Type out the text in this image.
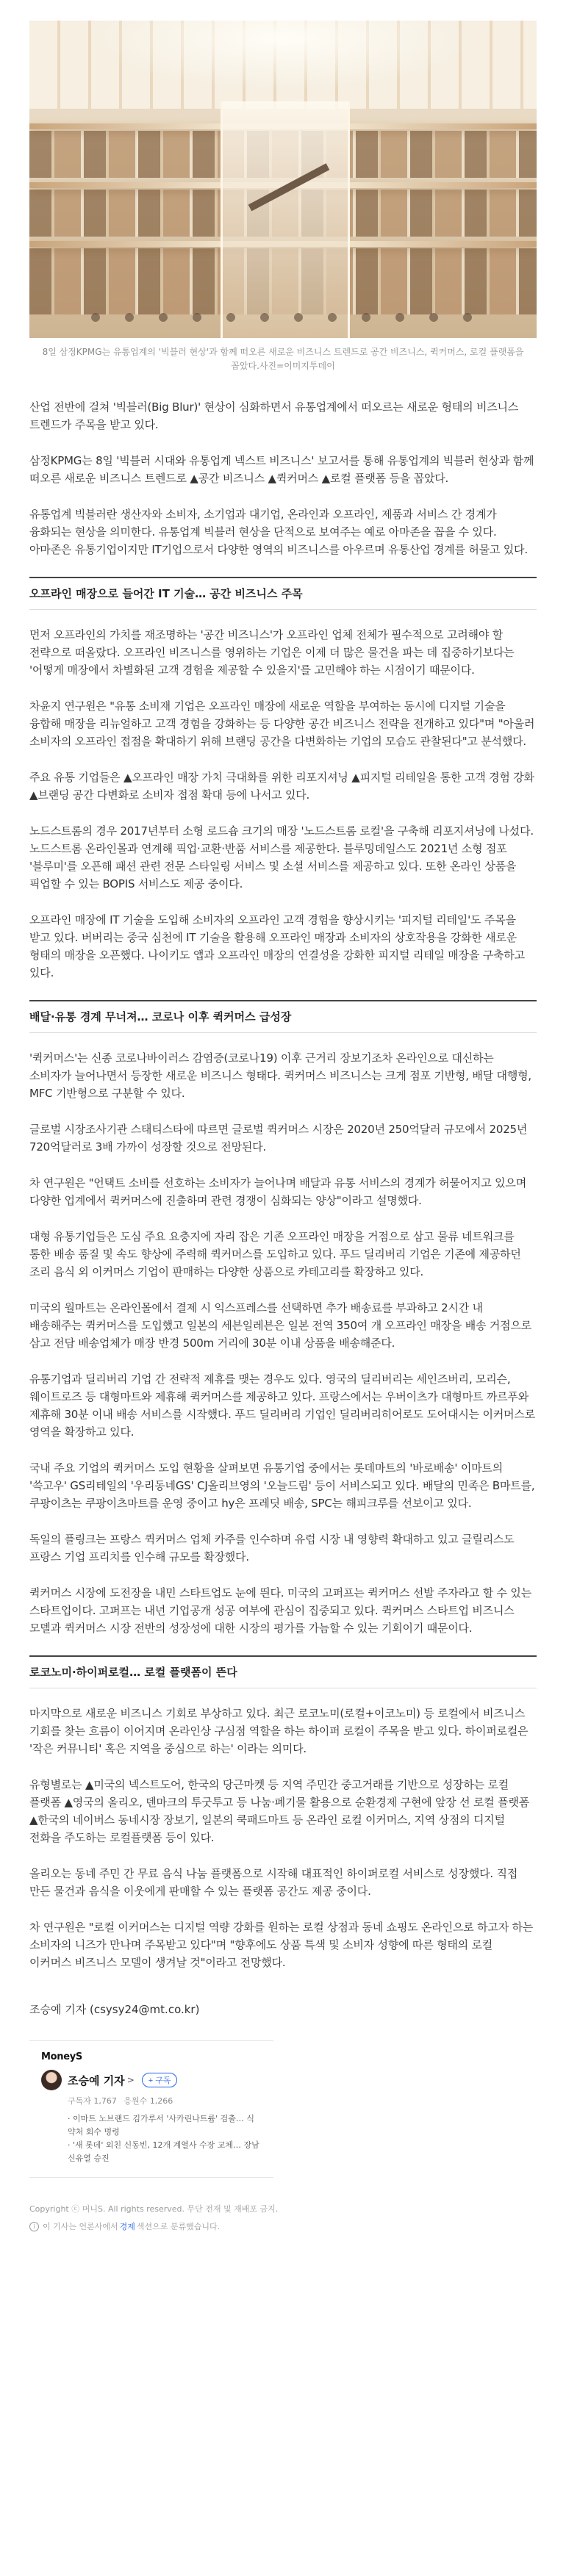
8일 삼정KPMG는 유통업계의 '빅블러 현상'과 함께 떠오른 새로운 비즈니스 트렌드로 공간 비즈니스, 퀵커머스, 로컬 플랫폼을 꼽았다.사진=이미지투데이

산업 전반에 걸쳐 '빅블러(Big Blur)' 현상이 심화하면서 유통업계에서 떠오르는 새로운 형태의 비즈니스 트렌드가 주목을 받고 있다.

삼정KPMG는 8일 '빅블러 시대와 유통업계 넥스트 비즈니스' 보고서를 통해 유통업계의 빅블러 현상과 함께 떠오른 새로운 비즈니스 트렌드로 ▲공간 비즈니스 ▲퀵커머스 ▲로컬 플랫폼 등을 꼽았다.

유통업계 빅블러란 생산자와 소비자, 소기업과 대기업, 온라인과 오프라인, 제품과 서비스 간 경계가 융화되는 현상을 의미한다. 유통업계 빅블러 현상을 단적으로 보여주는 예로 아마존을 꼽을 수 있다. 아마존은 유통기업이지만 IT기업으로서 다양한 영역의 비즈니스를 아우르며 유통산업 경계를 허물고 있다.

오프라인 매장으로 들어간 IT 기술… 공간 비즈니스 주목

먼저 오프라인의 가치를 재조명하는 '공간 비즈니스'가 오프라인 업체 전체가 필수적으로 고려해야 할 전략으로 떠올랐다. 오프라인 비즈니스를 영위하는 기업은 이제 더 많은 물건을 파는 데 집중하기보다는 '어떻게 매장에서 차별화된 고객 경험을 제공할 수 있을지'를 고민해야 하는 시점이기 때문이다.

차윤지 연구원은 "유통 소비재 기업은 오프라인 매장에 새로운 역할을 부여하는 동시에 디지털 기술을 융합해 매장을 리뉴얼하고 고객 경험을 강화하는 등 다양한 공간 비즈니스 전략을 전개하고 있다"며 "아울러 소비자의 오프라인 접점을 확대하기 위해 브랜딩 공간을 다변화하는 기업의 모습도 관찰된다"고 분석했다.

주요 유통 기업들은 ▲오프라인 매장 가치 극대화를 위한 리포지셔닝 ▲피지털 리테일을 통한 고객 경험 강화 ▲브랜딩 공간 다변화로 소비자 접점 확대 등에 나서고 있다.

노드스트롬의 경우 2017년부터 소형 로드숍 크기의 매장 '노드스트롬 로컬'을 구축해 리포지셔닝에 나섰다. 노드스트롬 온라인몰과 연계해 픽업·교환·반품 서비스를 제공한다. 블루밍데일스도 2021년 소형 점포 '블루미'를 오픈해 패션 관련 전문 스타일링 서비스 및 소셜 서비스를 제공하고 있다. 또한 온라인 상품을 픽업할 수 있는 BOPIS 서비스도 제공 중이다.

오프라인 매장에 IT 기술을 도입해 소비자의 오프라인 고객 경험을 향상시키는 '피지털 리테일'도 주목을 받고 있다. 버버리는 중국 심천에 IT 기술을 활용해 오프라인 매장과 소비자의 상호작용을 강화한 새로운 형태의 매장을 오픈했다. 나이키도 앱과 오프라인 매장의 연결성을 강화한 피지털 리테일 매장을 구축하고 있다.

배달·유통 경계 무너져… 코로나 이후 퀵커머스 급성장

'퀵커머스'는 신종 코로나바이러스 감염증(코로나19) 이후 근거리 장보기조차 온라인으로 대신하는 소비자가 늘어나면서 등장한 새로운 비즈니스 형태다. 퀵커머스 비즈니스는 크게 점포 기반형, 배달 대행형, MFC 기반형으로 구분할 수 있다.

글로벌 시장조사기관 스태티스타에 따르면 글로벌 퀵커머스 시장은 2020년 250억달러 규모에서 2025년 720억달러로 3배 가까이 성장할 것으로 전망된다.

차 연구원은 "언택트 소비를 선호하는 소비자가 늘어나며 배달과 유통 서비스의 경계가 허물어지고 있으며 다양한 업계에서 퀵커머스에 진출하며 관련 경쟁이 심화되는 양상"이라고 설명했다.

대형 유통기업들은 도심 주요 요충지에 자리 잡은 기존 오프라인 매장을 거점으로 삼고 물류 네트워크를 통한 배송 품질 및 속도 향상에 주력해 퀵커머스를 도입하고 있다. 푸드 딜리버리 기업은 기존에 제공하던 조리 음식 외 이커머스 기업이 판매하는 다양한 상품으로 카테고리를 확장하고 있다.

미국의 월마트는 온라인몰에서 결제 시 익스프레스를 선택하면 추가 배송료를 부과하고 2시간 내 배송해주는 퀵커머스를 도입했고 일본의 세븐일레븐은 일본 전역 350여 개 오프라인 매장을 배송 거점으로 삼고 전담 배송업체가 매장 반경 500m 거리에 30분 이내 상품을 배송해준다.

유통기업과 딜리버리 기업 간 전략적 제휴를 맺는 경우도 있다. 영국의 딜리버리는 세인즈버리, 모리슨, 웨이트로즈 등 대형마트와 제휴해 퀵커머스를 제공하고 있다. 프랑스에서는 우버이츠가 대형마트 까르푸와 제휴해 30분 이내 배송 서비스를 시작했다. 푸드 딜리버리 기업인 딜리버리히어로도 도어대시는 이커머스로 영역을 확장하고 있다.

국내 주요 기업의 퀵커머스 도입 현황을 살펴보면 유통기업 중에서는 롯데마트의 '바로배송' 이마트의 '쓱고우' GS리테일의 '우리동네GS' CJ올리브영의 '오늘드림' 등이 서비스되고 있다. 배달의 민족은 B마트를, 쿠팡이츠는 쿠팡이츠마트를 운영 중이고 hy은 프레딧 배송, SPC는 해피크루를 선보이고 있다.

독일의 플링크는 프랑스 퀵커머스 업체 카주를 인수하며 유럽 시장 내 영향력 확대하고 있고 글릴리스도 프랑스 기업 프리치를 인수해 규모를 확장했다.

퀵커머스 시장에 도전장을 내민 스타트업도 눈에 띈다. 미국의 고퍼프는 퀵커머스 선발 주자라고 할 수 있는 스타트업이다. 고퍼프는 내년 기업공개 성공 여부에 관심이 집중되고 있다. 퀵커머스 스타트업 비즈니스 모델과 퀵커머스 시장 전반의 성장성에 대한 시장의 평가를 가늠할 수 있는 기회이기 때문이다.

로코노미·하이퍼로컬… 로컬 플랫폼이 뜬다

마지막으로 새로운 비즈니스 기회로 부상하고 있다. 최근 로코노미(로컬+이코노미) 등 로컬에서 비즈니스 기회를 찾는 흐름이 이어지며 온라인상 구심점 역할을 하는 하이퍼 로컬이 주목을 받고 있다. 하이퍼로컬은 '작은 커뮤니티' 혹은 지역을 중심으로 하는' 이라는 의미다.

유형별로는 ▲미국의 넥스트도어, 한국의 당근마켓 등 지역 주민간 중고거래를 기반으로 성장하는 로컬 플랫폼 ▲영국의 올리오, 덴마크의 투굿투고 등 나눔·폐기물 활용으로 순환경제 구현에 앞장 선 로컬 플랫폼 ▲한국의 네이버스 동네시장 장보기, 일본의 쿡패드마트 등 온라인 로컬 이커머스, 지역 상점의 디지털 전화을 주도하는 로컬플랫폼 등이 있다.

올리오는 동네 주민 간 무료 음식 나눔 플랫폼으로 시작해 대표적인 하이퍼로컬 서비스로 성장했다. 직접 만든 물건과 음식을 이웃에게 판매할 수 있는 플랫폼 공간도 제공 중이다.

차 연구원은 "로컬 이커머스는 디지털 역량 강화를 원하는 로컬 상점과 동네 쇼핑도 온라인으로 하고자 하는 소비자의 니즈가 만나며 주목받고 있다"며 "향후에도 상품 특색 및 소비자 성향에 따른 형태의 로컬 이커머스 비즈니스 모델이 생겨날 것"이라고 전망했다.

조승예 기자 (csysy24@mt.co.kr)
MoneyS
조승예 기자 >	+ 구독
구독자 1,767 응원수 1,266
· 이마트 노브랜드 김가루서 '사카린나트륨' 검출… 식약처 회수 명령
· '새 롯데' 외친 신동빈, 12개 계열사 수장 교체… 장남 신유열 승진
Copyright ⓒ 머니S. All rights reserved. 무단 전재 및 재배포 금지.
i 이 기사는 언론사에서 경제 섹션으로 분류했습니다.
